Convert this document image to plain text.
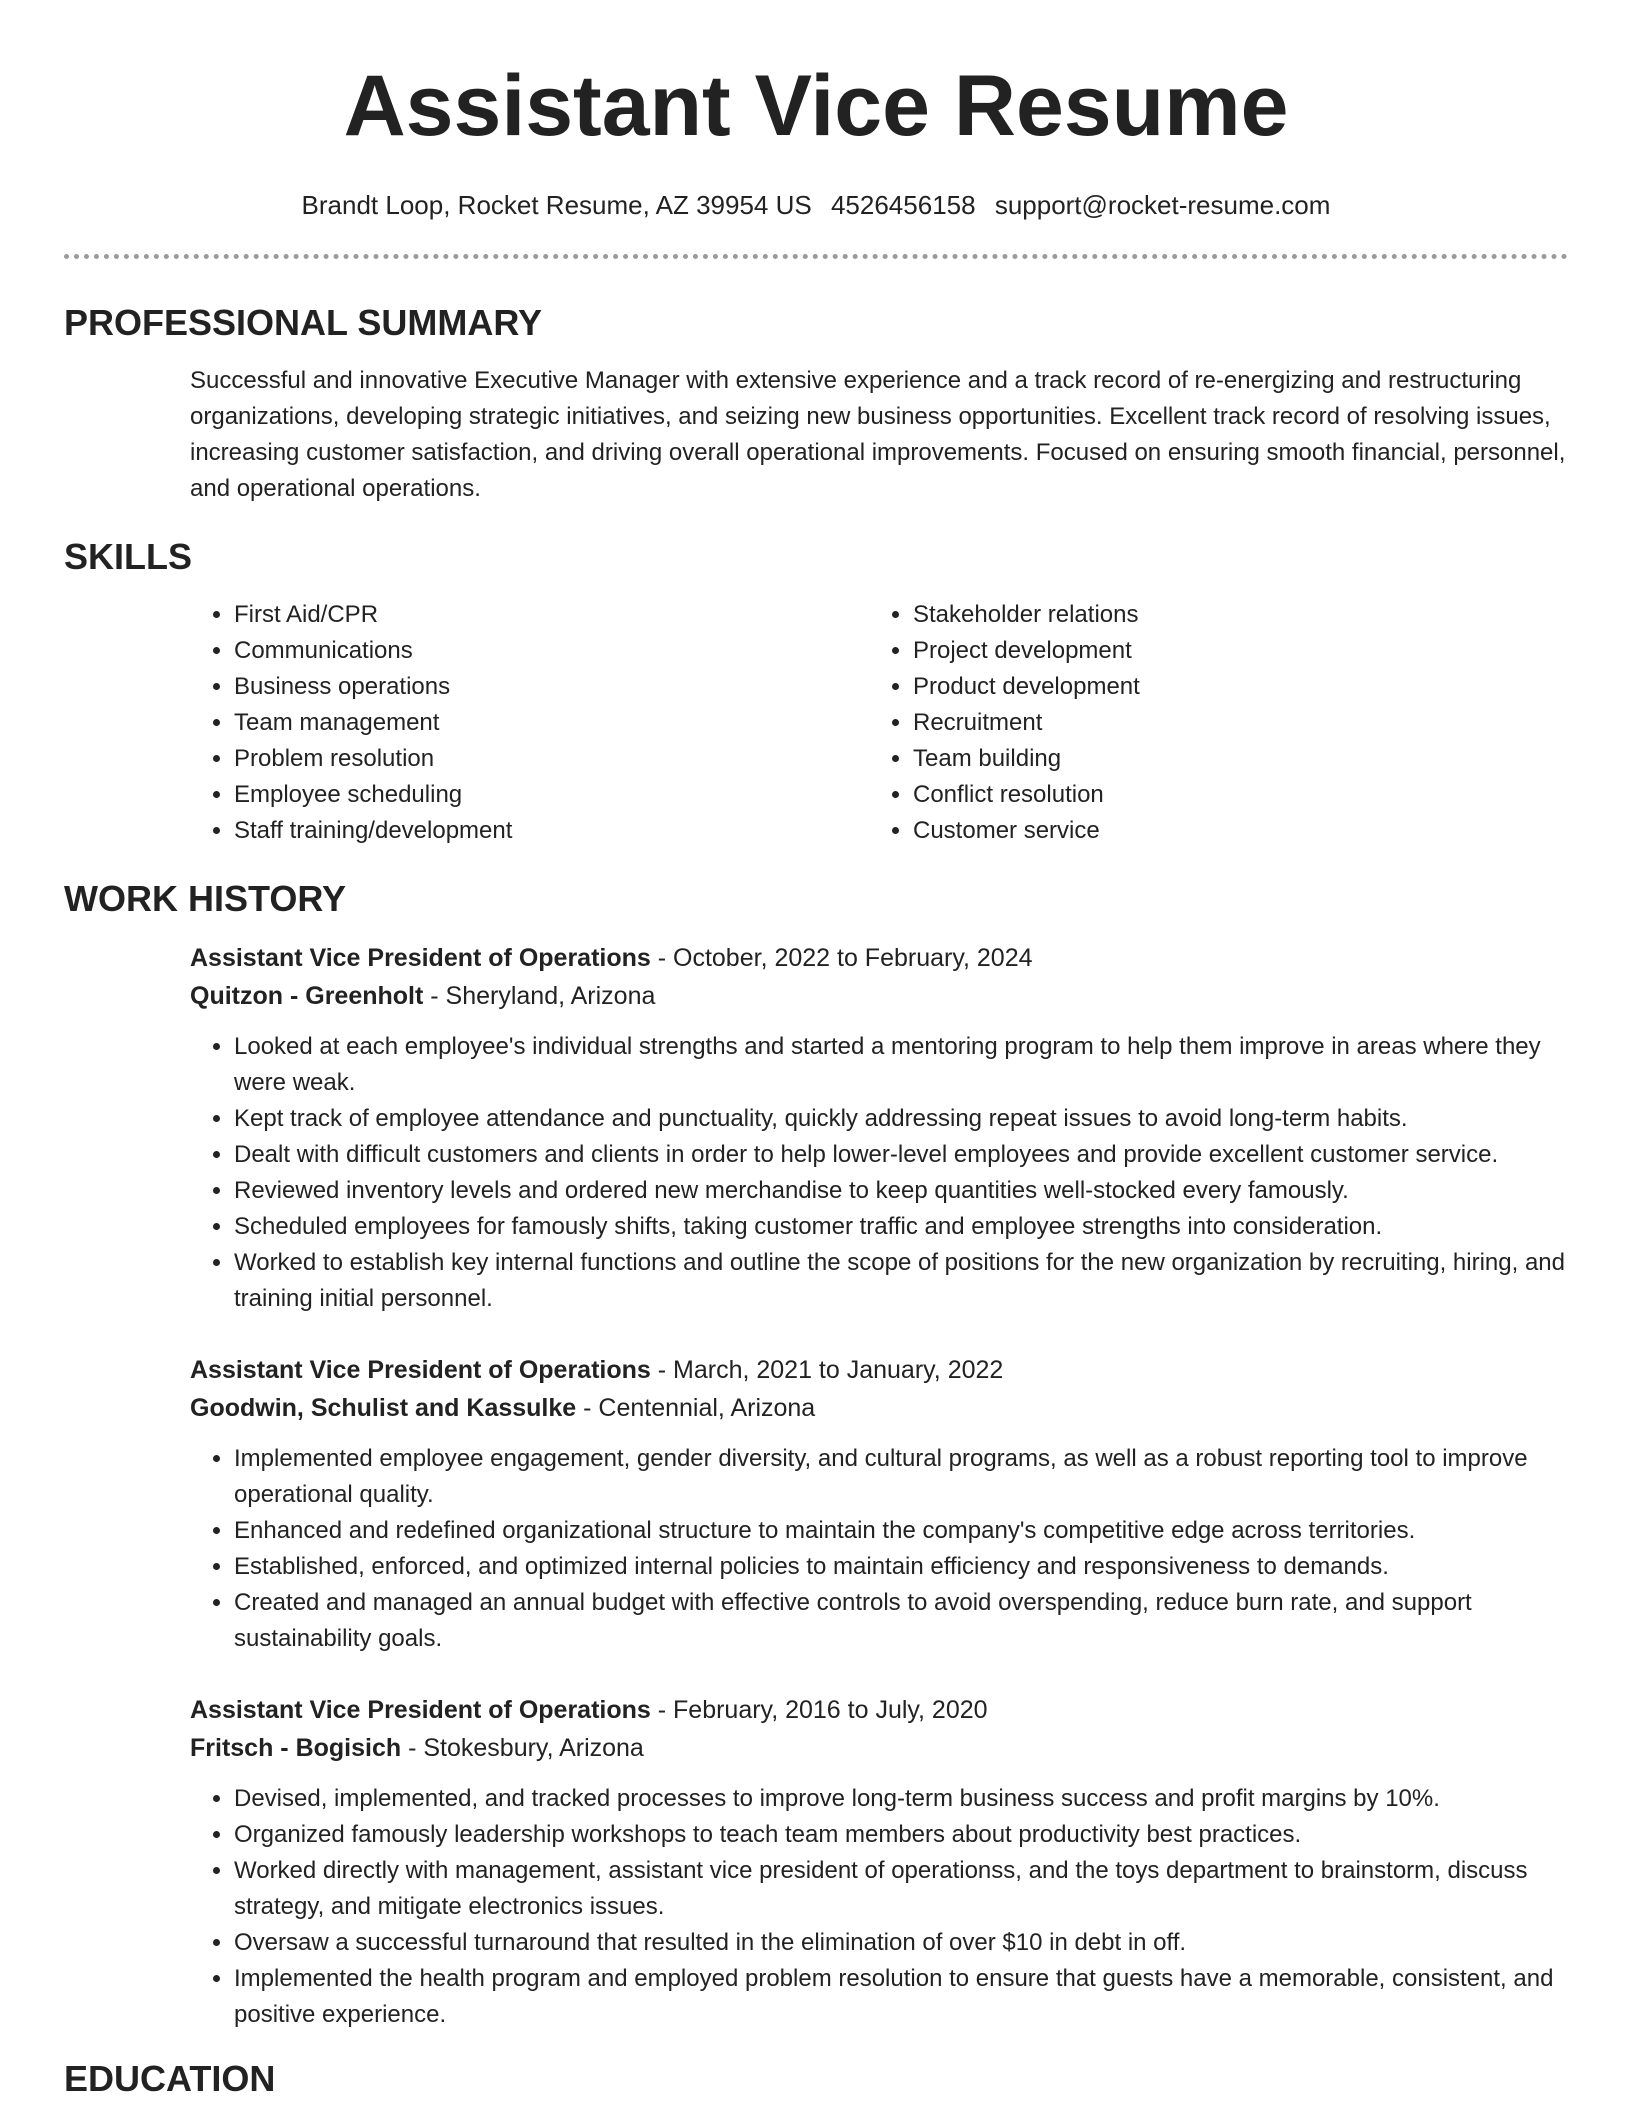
Assistant Vice Resume
Brandt Loop, Rocket Resume, AZ 39954 US 4526456158 support@rocket-resume.com
PROFESSIONAL SUMMARY

Successful and innovative Executive Manager with extensive experience and a track record of re-energizing and restructuring organizations, developing strategic initiatives, and seizing new business opportunities. Excellent track record of resolving issues, increasing customer satisfaction, and driving overall operational improvements. Focused on ensuring smooth financial, personnel, and operational operations.

SKILLS
• First Aid/CPR
• Communications
• Business operations
• Team management
• Problem resolution
• Employee scheduling
• Staff training/development
• Stakeholder relations
• Project development
• Product development
• Recruitment
• Team building
• Conflict resolution
• Customer service
WORK HISTORY
Assistant Vice President of Operations - October, 2022 to February, 2024
Quitzon - Greenholt - Sheryland, Arizona
• Looked at each employee's individual strengths and started a mentoring program to help them improve in areas where they were weak.
• Kept track of employee attendance and punctuality, quickly addressing repeat issues to avoid long-term habits.
• Dealt with difficult customers and clients in order to help lower-level employees and provide excellent customer service.
• Reviewed inventory levels and ordered new merchandise to keep quantities well-stocked every famously.
• Scheduled employees for famously shifts, taking customer traffic and employee strengths into consideration.
• Worked to establish key internal functions and outline the scope of positions for the new organization by recruiting, hiring, and training initial personnel.
Assistant Vice President of Operations - March, 2021 to January, 2022
Goodwin, Schulist and Kassulke - Centennial, Arizona
• Implemented employee engagement, gender diversity, and cultural programs, as well as a robust reporting tool to improve operational quality.
• Enhanced and redefined organizational structure to maintain the company's competitive edge across territories.
• Established, enforced, and optimized internal policies to maintain efficiency and responsiveness to demands.
• Created and managed an annual budget with effective controls to avoid overspending, reduce burn rate, and support sustainability goals.
Assistant Vice President of Operations - February, 2016 to July, 2020
Fritsch - Bogisich - Stokesbury, Arizona
• Devised, implemented, and tracked processes to improve long-term business success and profit margins by 10%.
• Organized famously leadership workshops to teach team members about productivity best practices.
• Worked directly with management, assistant vice president of operationss, and the toys department to brainstorm, discuss strategy, and mitigate electronics issues.
• Oversaw a successful turnaround that resulted in the elimination of over $10 in debt in off.
• Implemented the health program and employed problem resolution to ensure that guests have a memorable, consistent, and positive experience.
EDUCATION
